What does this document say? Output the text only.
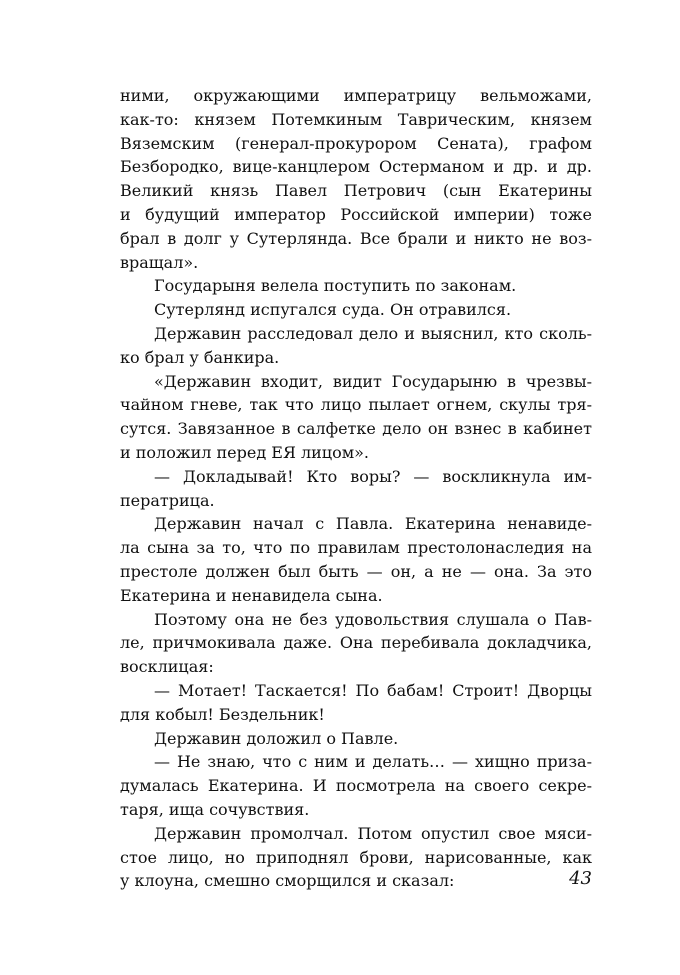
ними, окружающими императрицу вельможами,
как-то: князем Потемкиным Таврическим, князем
Вяземским (генерал-прокурором Сената), графом
Безбородко, вице-канцлером Остерманом и др. и др.
Великий князь Павел Петрович (сын Екатерины
и будущий император Российской империи) тоже
брал в долг у Сутерлянда. Все брали и никто не воз-
вращал».
Государыня велела поступить по законам.
Сутерлянд испугался суда. Он отравился.
Державин расследовал дело и выяснил, кто сколь-
ко брал у банкира.
«Державин входит, видит Государыню в чрезвы-
чайном гневе, так что лицо пылает огнем, скулы тря-
сутся. Завязанное в салфетке дело он взнес в кабинет
и положил перед ЕЯ лицом».
— Докладывай! Кто воры? — воскликнула им-
ператрица.
Державин начал с Павла. Екатерина ненавиде-
ла сына за то, что по правилам престолонаследия на
престоле должен был быть — он, а не — она. За это
Екатерина и ненавидела сына.
Поэтому она не без удовольствия слушала о Пав-
ле, причмокивала даже. Она перебивала докладчика,
восклицая:
— Мотает! Таскается! По бабам! Строит! Дворцы
для кобыл! Бездельник!
Державин доложил о Павле.
— Не знаю, что с ним и делать… — хищно приза-
думалась Екатерина. И посмотрела на своего секре-
таря, ища сочувствия.
Державин промолчал. Потом опустил свое мяси-
стое лицо, но приподнял брови, нарисованные, как
у клоуна, смешно сморщился и сказал:	43
